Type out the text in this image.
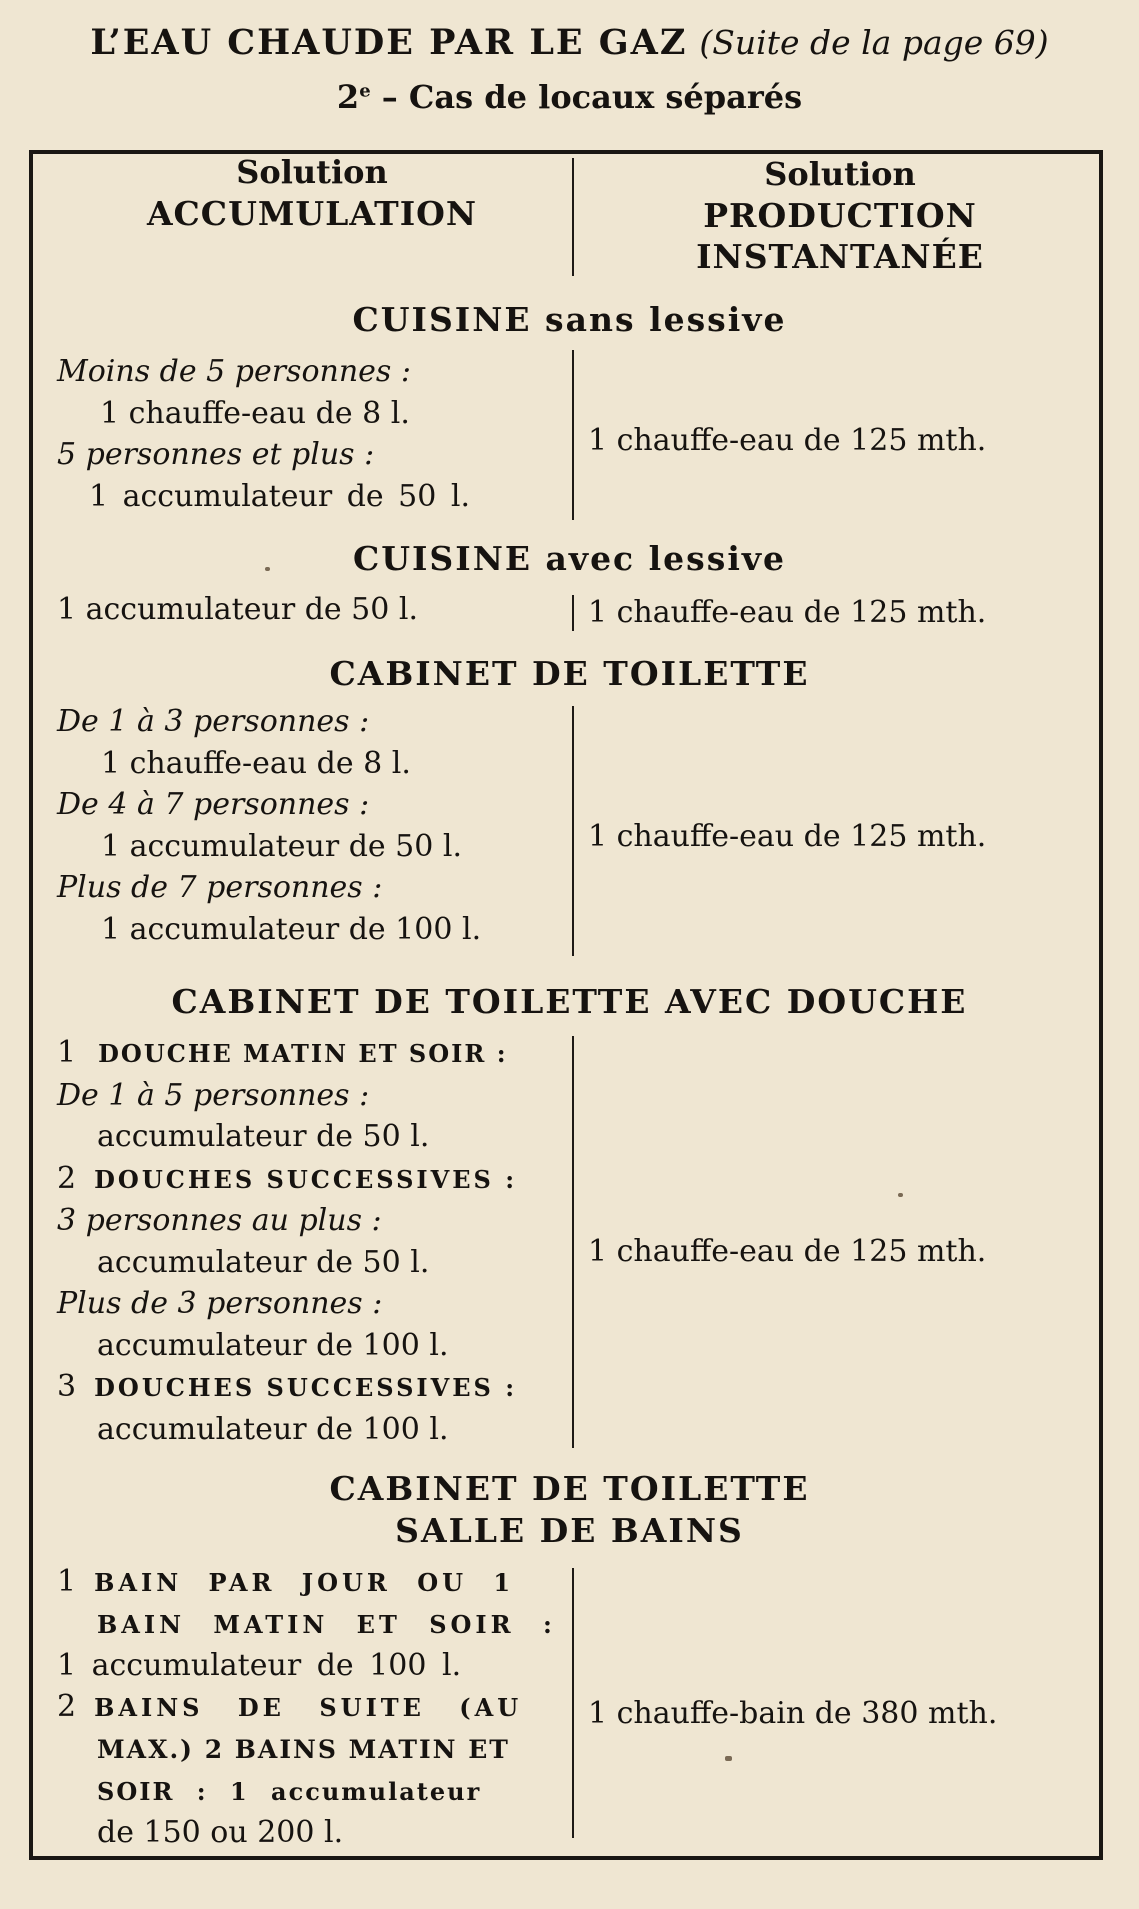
L’EAU CHAUDE PAR LE GAZ (Suite de la page 69)
2e – Cas de locaux séparés
Solution
ACCUMULATION
Solution
PRODUCTION
INSTANTANÉE
CUISINE sans lessive
Moins de 5 personnes :
1 chauffe-eau de 8 l.
5 personnes et plus :
1 accumulateur de 50 l.
1 chauffe-eau de 125 mth.
CUISINE avec lessive
1 accumulateur de 50 l.	1 chauffe-eau de 125 mth.
CABINET DE TOILETTE
De 1 à 3 personnes :
1 chauffe-eau de 8 l.
De 4 à 7 personnes :
1 accumulateur de 50 l.
Plus de 7 personnes :
1 accumulateur de 100 l.
1 chauffe-eau de 125 mth.
CABINET DE TOILETTE AVEC DOUCHE
1 DOUCHE MATIN ET SOIR :
De 1 à 5 personnes :
accumulateur de 50 l.
2 DOUCHES SUCCESSIVES :
3 personnes au plus :
accumulateur de 50 l.
Plus de 3 personnes :
accumulateur de 100 l.
3 DOUCHES SUCCESSIVES :
accumulateur de 100 l.
1 chauffe-eau de 125 mth.
CABINET DE TOILETTE
SALLE DE BAINS
1 BAIN PAR JOUR OU 1
BAIN MATIN ET SOIR :
1 accumulateur de 100 l.
2 BAINS DE SUITE (AU
MAX.) 2 BAINS MATIN ET
SOIR : 1 accumulateur
de 150 ou 200 l.
1 chauffe-bain de 380 mth.
